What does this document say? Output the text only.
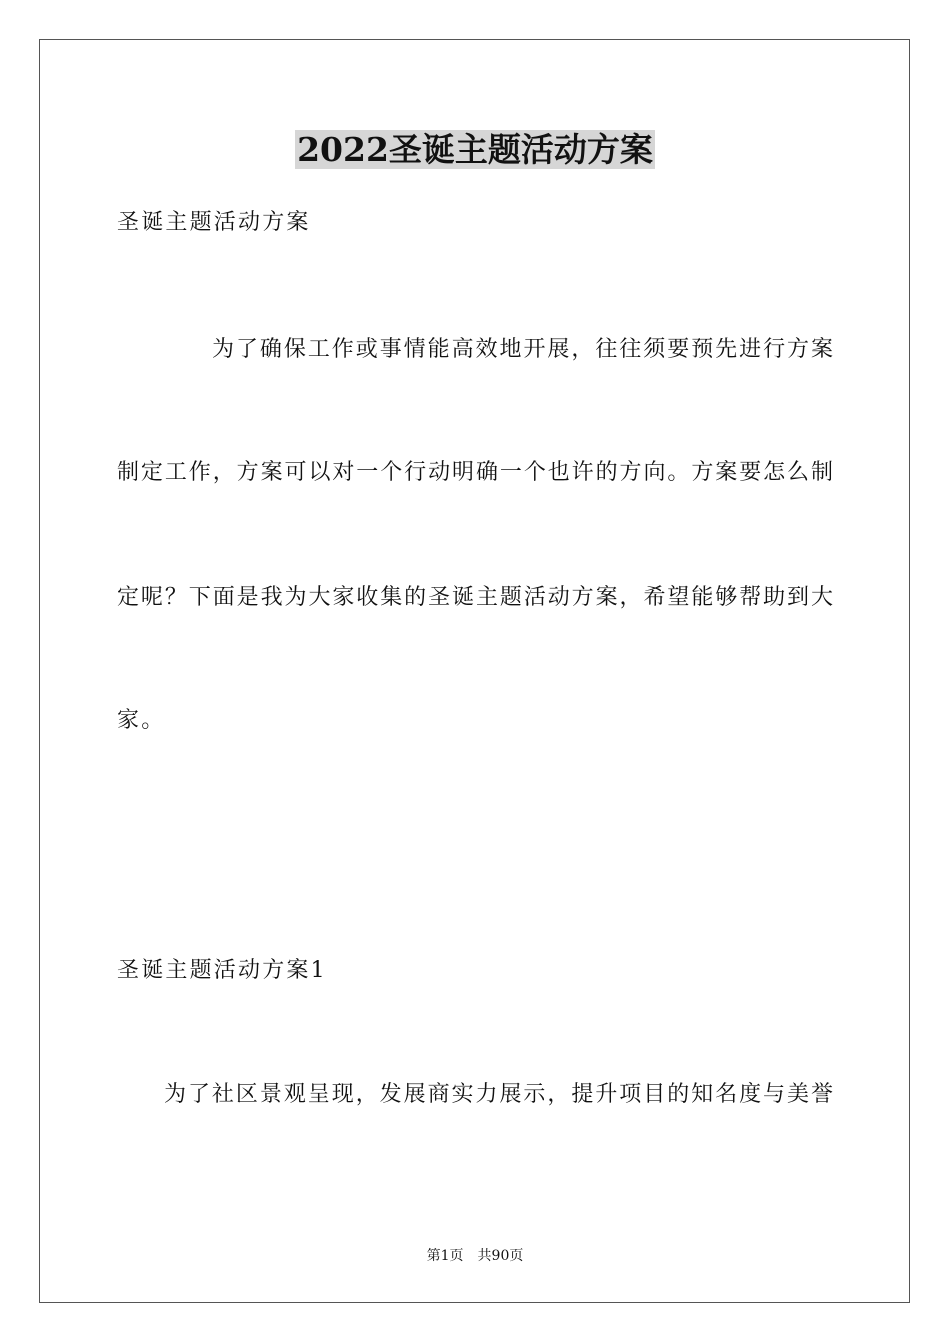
2022圣诞主题活动方案

圣诞主题活动方案

为了确保工作或事情能高效地开展，往往须要预先进行方案

制定工作，方案可以对一个行动明确一个也许的方向。方案要怎么制

定呢？下面是我为大家收集的圣诞主题活动方案，希望能够帮助到大

家。

圣诞主题活动方案1

为了社区景观呈现，发展商实力展示，提升项目的知名度与美誉

第1页 共90页
